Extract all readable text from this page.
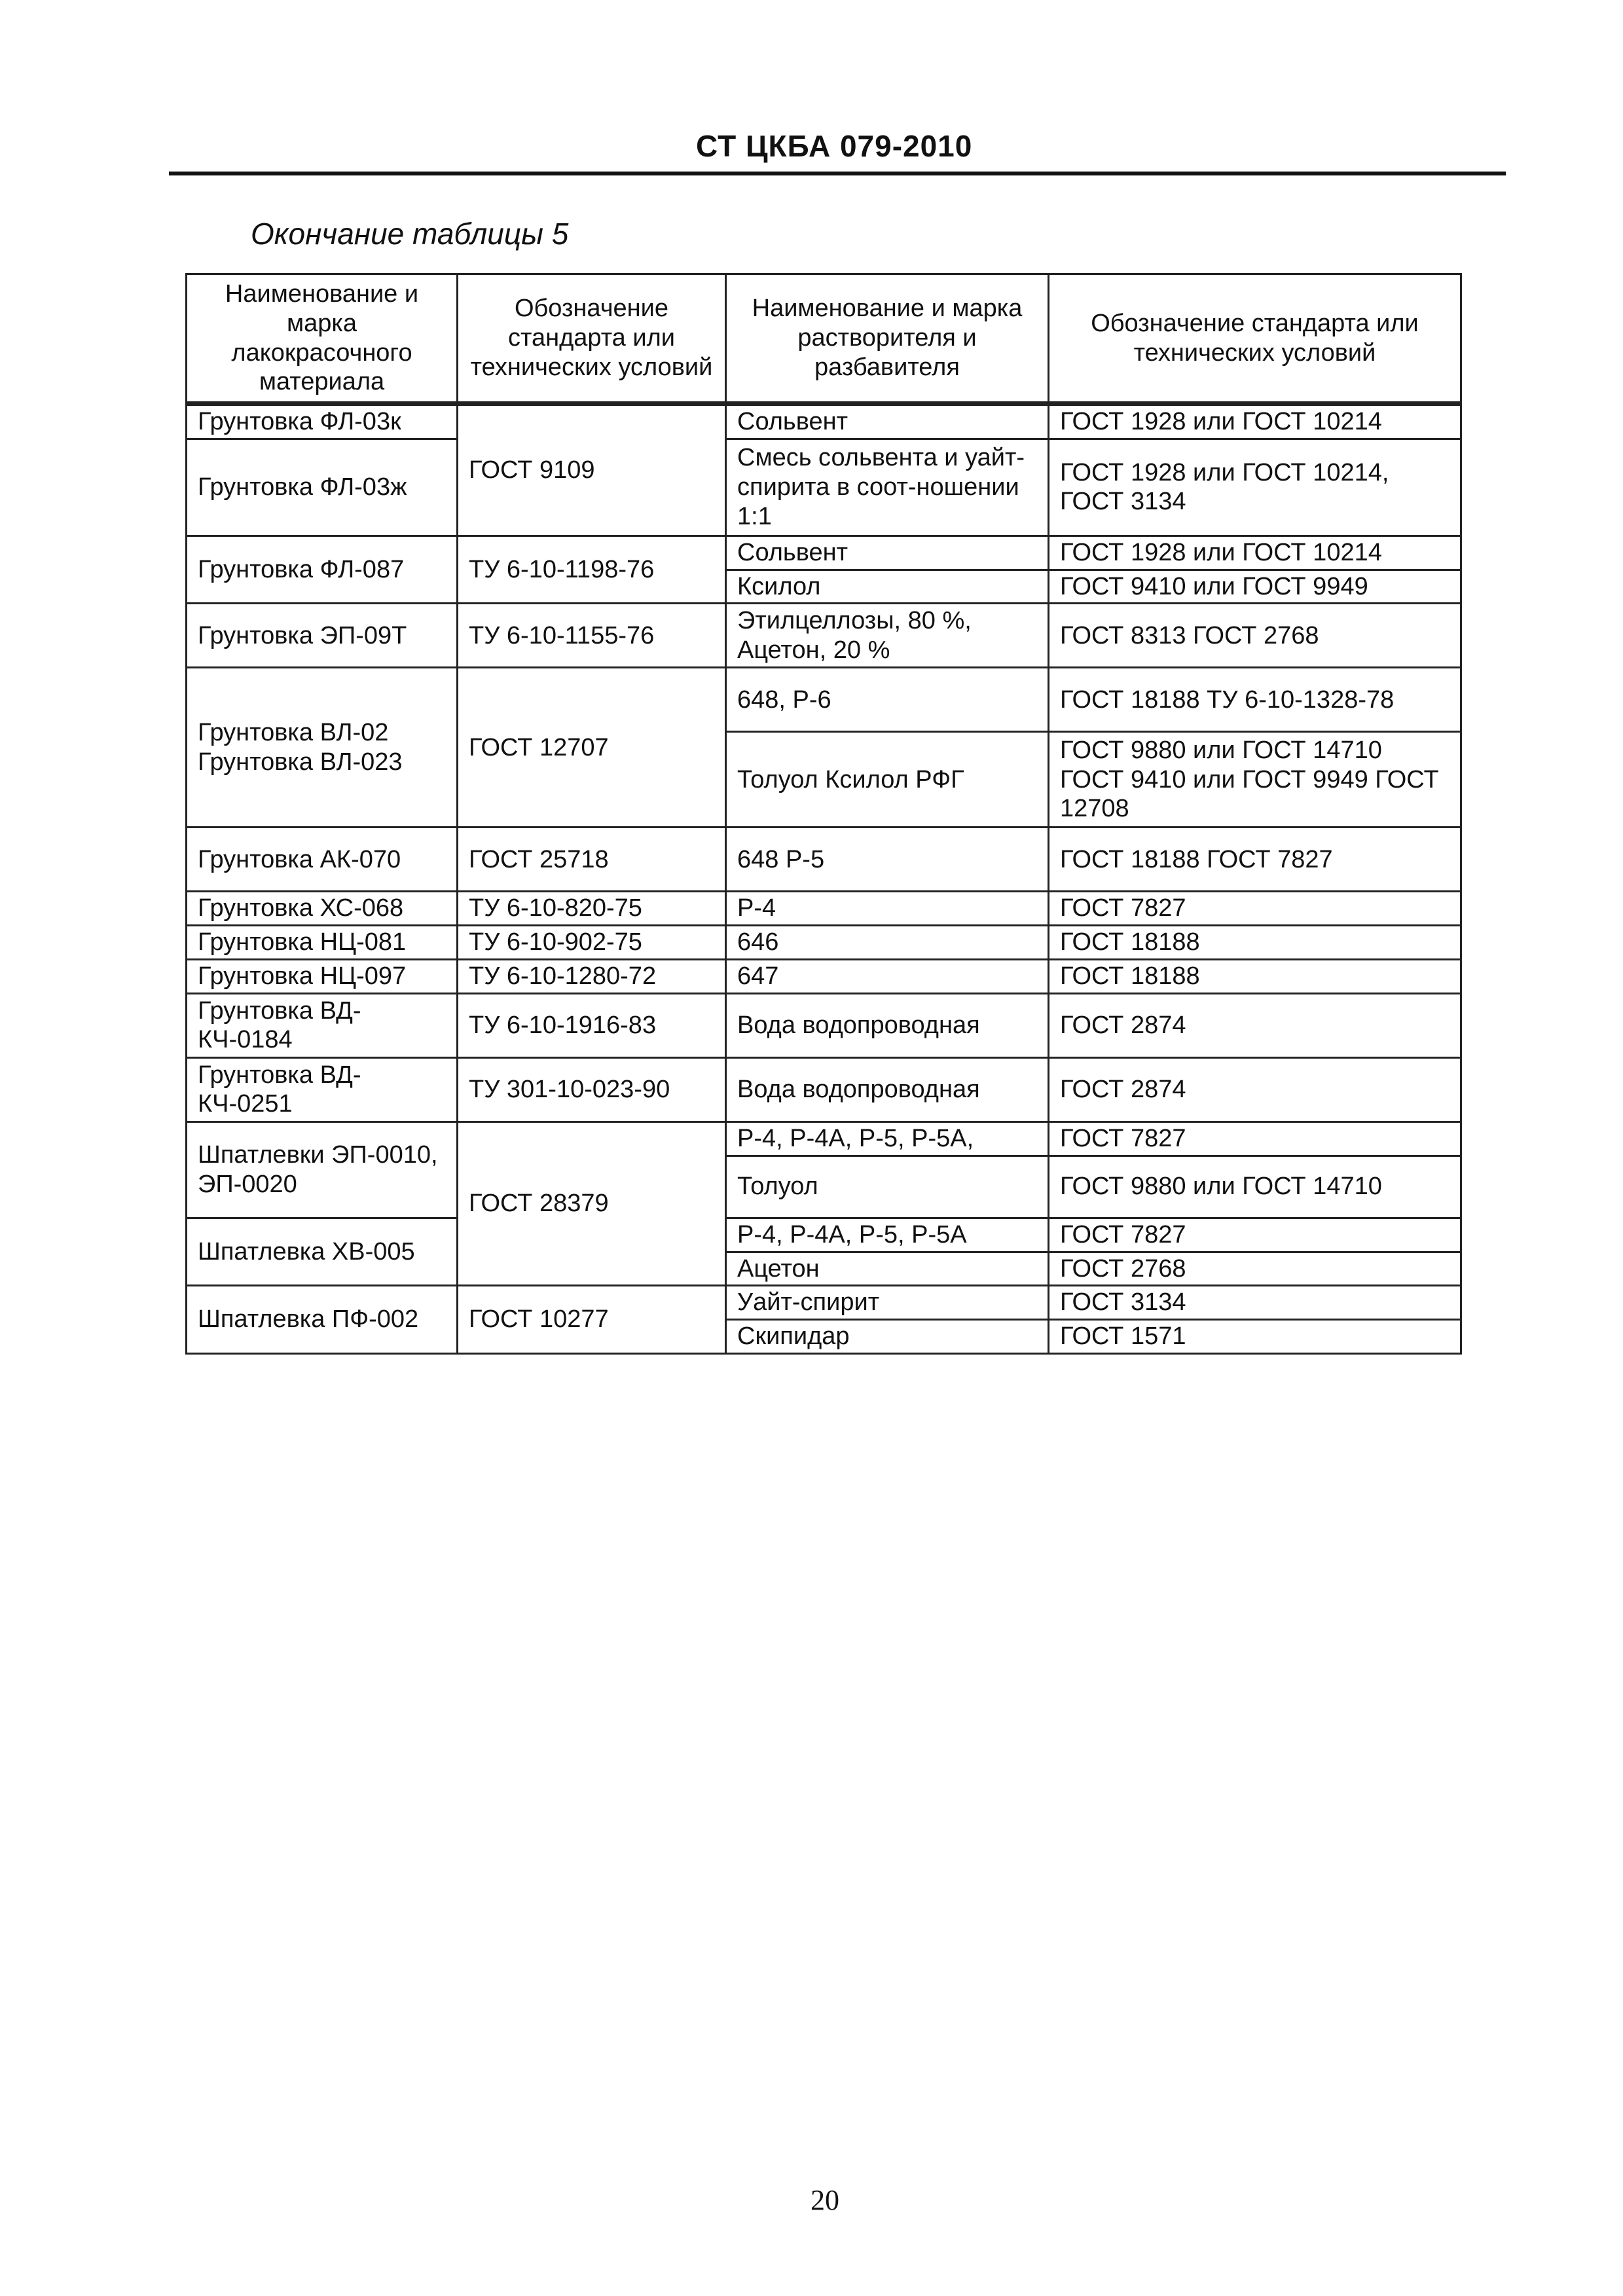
СТ ЦКБА 079-2010
Окончание таблицы 5
Наименование и марка лакокрасочного материала	Обозначение стандарта или технических условий	Наименование и марка растворителя и разбавителя	Обозначение стандарта или технических условий
Грунтовка ФЛ-03к	ГОСТ 9109	Сольвент	ГОСТ 1928 или ГОСТ 10214
Грунтовка ФЛ-03ж		Смесь сольвента и уайт-спирита в соот-ношении 1:1	ГОСТ 1928 или ГОСТ 10214, ГОСТ 3134
Грунтовка ФЛ-087	ТУ 6-10-1198-76	Сольвент	ГОСТ 1928 или ГОСТ 10214
		Ксилол	ГОСТ 9410 или ГОСТ 9949
Грунтовка ЭП-09Т	ТУ 6-10-1155-76	Этилцеллозы, 80 %, Ацетон, 20 %	ГОСТ 8313 ГОСТ 2768
Грунтовка ВЛ-02 Грунтовка ВЛ-023	ГОСТ 12707	648, Р-6	ГОСТ 18188 ТУ 6-10-1328-78
		Толуол Ксилол РФГ	ГОСТ 9880 или ГОСТ 14710 ГОСТ 9410 или ГОСТ 9949 ГОСТ 12708
Грунтовка АК-070	ГОСТ 25718	648 Р-5	ГОСТ 18188 ГОСТ 7827
Грунтовка ХС-068	ТУ 6-10-820-75	Р-4	ГОСТ 7827
Грунтовка НЦ-081	ТУ 6-10-902-75	646	ГОСТ 18188
Грунтовка НЦ-097	ТУ 6-10-1280-72	647	ГОСТ 18188
Грунтовка ВД-КЧ-0184	ТУ 6-10-1916-83	Вода водопроводная	ГОСТ 2874
Грунтовка ВД-КЧ-0251	ТУ 301-10-023-90	Вода водопроводная	ГОСТ 2874
Шпатлевки ЭП-0010, ЭП-0020	ГОСТ 28379	Р-4, Р-4А, Р-5, Р-5А,	ГОСТ 7827
		Толуол	ГОСТ 9880 или ГОСТ 14710
Шпатлевка ХВ-005		Р-4, Р-4А, Р-5, Р-5А	ГОСТ 7827
		Ацетон	ГОСТ 2768
Шпатлевка ПФ-002	ГОСТ 10277	Уайт-спирит	ГОСТ 3134
		Скипидар	ГОСТ 1571
20
